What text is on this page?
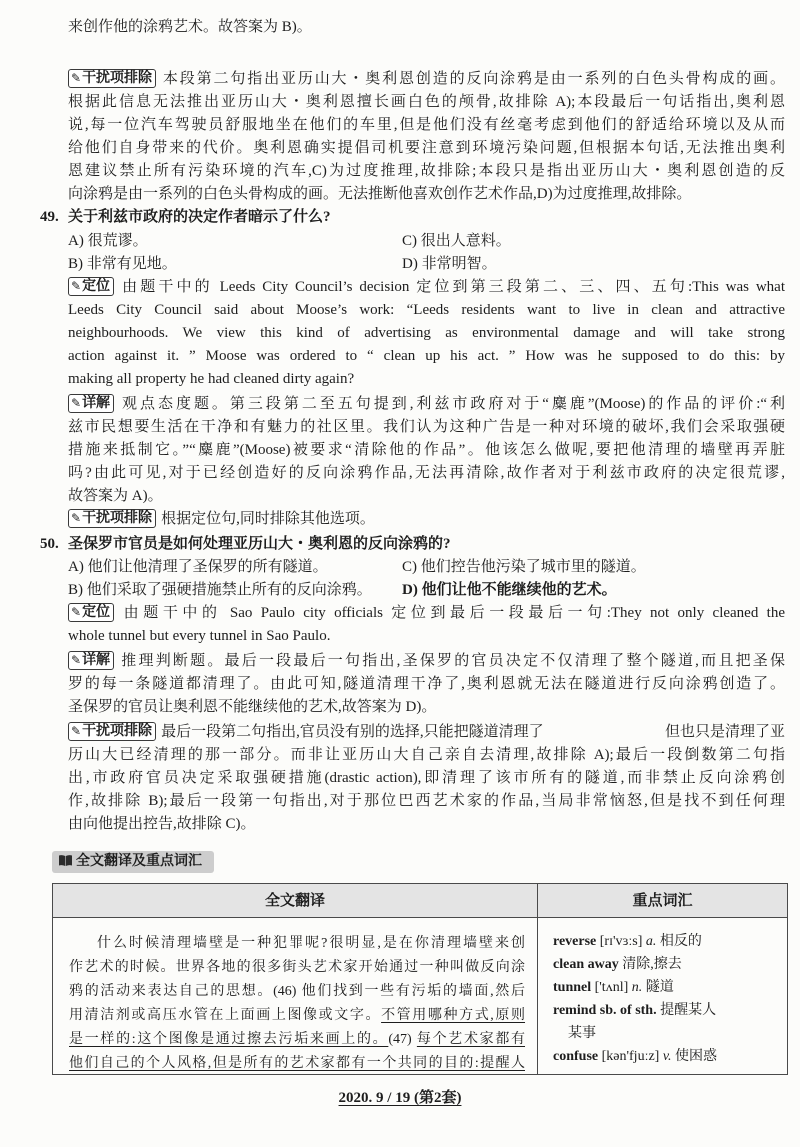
来创作他的涂鸦艺术。故答案为 B)。
✎干扰项排除 本段第二句指出亚历山大・奥利恩创造的反向涂鸦是由一系列的白色头骨构成的画。
根据此信息无法推出亚历山大・奥利恩擅长画白色的颅骨,故排除 A);本段最后一句话指出,奥利恩
说,每一位汽车驾驶员舒服地坐在他们的车里,但是他们没有丝毫考虑到他们的舒适给环境以及从而
给他们自身带来的代价。奥利恩确实提倡司机要注意到环境污染问题,但根据本句话,无法推出奥利
恩建议禁止所有污染环境的汽车,C)为过度推理,故排除;本段只是指出亚历山大・奥利恩创造的反
向涂鸦是由一系列的白色头骨构成的画。无法推断他喜欢创作艺术作品,D)为过度推理,故排除。
49. 关于利兹市政府的决定作者暗示了什么?
A) 很荒谬。	C) 很出人意料。
B) 非常有见地。	D) 非常明智。
✎定位 由题干中的 Leeds City Council’s decision 定位到第三段第二、三、四、五句:This was what
Leeds City Council said about Moose’s work: “Leeds residents want to live in clean and attractive
neighbourhoods. We view this kind of advertising as environmental damage and will take strong
action against it. ” Moose was ordered to “ clean up his act. ” How was he supposed to do this: by
making all property he had cleaned dirty again?
✎详解 观点态度题。第三段第二至五句提到,利兹市政府对于“麋鹿”(Moose)的作品的评价:“利
兹市民想要生活在干净和有魅力的社区里。我们认为这种广告是一种对环境的破坏,我们会采取强硬
措施来抵制它。”“麋鹿”(Moose)被要求“清除他的作品”。他该怎么做呢,要把他清理的墙壁再弄脏
吗?由此可见,对于已经创造好的反向涂鸦作品,无法再清除,故作者对于利兹市政府的决定很荒谬,
故答案为 A)。
✎干扰项排除 根据定位句,同时排除其他选项。
50. 圣保罗市官员是如何处理亚历山大・奥利恩的反向涂鸦的?
A) 他们让他清理了圣保罗的所有隧道。	C) 他们控告他污染了城市里的隧道。
B) 他们采取了强硬措施禁止所有的反向涂鸦。 D) 他们让他不能继续他的艺术。
✎定位 由题干中的 Sao Paulo city officials 定位到最后一段最后一句:They not only cleaned the
whole tunnel but every tunnel in Sao Paulo.
✎详解 推理判断题。最后一段最后一句指出,圣保罗的官员决定不仅清理了整个隧道,而且把圣保
罗的每一条隧道都清理了。由此可知,隧道清理干净了,奥利恩就无法在隧道进行反向涂鸦创造了。
圣保罗的官员让奥利恩不能继续他的艺术,故答案为 D)。
✎干扰项排除 最后一段第二句指出,官员没有别的选择,只能把隧道清理了	但也只是清理了亚
历山大已经清理的那一部分。而非让亚历山大自己亲自去清理,故排除 A);最后一段倒数第二句指
出,市政府官员决定采取强硬措施(drastic action),即清理了该市所有的隧道,而非禁止反向涂鸦创
作,故排除 B);最后一段第一句指出,对于那位巴西艺术家的作品,当局非常恼怒,但是找不到任何理
由向他提出控告,故排除 C)。
全文翻译及重点词汇
全文翻译	重点词汇
什么时候清理墙壁是一种犯罪呢?很明显,是在你清理墙壁来创
作艺术的时候。世界各地的很多街头艺术家开始通过一种叫做反向涂
鸦的活动来表达自己的思想。(46) 他们找到一些有污垢的墙面,然后
用清洁剂或高压水管在上面画上图像或文字。不管用哪种方式,原则
是一样的:这个图像是通过擦去污垢来画上的。(47) 每个艺术家都有
他们自己的个人风格,但是所有的艺术家都有一个共同的目的:提醒人
reverse [rɪ'vɜːs] a. 相反的
clean away 清除,擦去
tunnel ['tʌnl] n. 隧道
remind sb. of sth. 提醒某人
某事
confuse [kən'fjuːz] v. 使困惑
2020. 9 / 19 (第2套)
